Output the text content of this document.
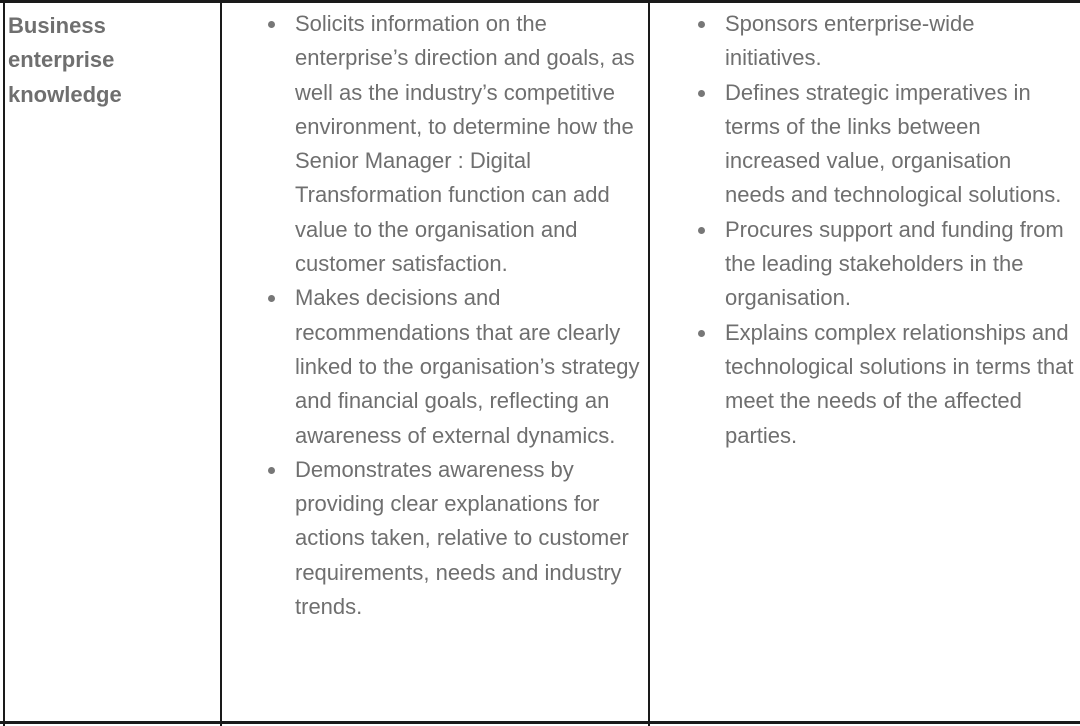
Business enterprise knowledge

Solicits information on the enterprise’s direction and goals, as well as the industry’s competitive environment, to determine how the Senior Manager : Digital Transformation function can add value to the organisation and customer satisfaction.
Makes decisions and recommendations that are clearly linked to the organisation’s strategy and financial goals, reflecting an awareness of external dynamics.
Demonstrates awareness by providing clear explanations for actions taken, relative to customer requirements, needs and industry trends.
Sponsors enterprise-wide initiatives.
Defines strategic imperatives in terms of the links between increased value, organisation needs and technological solutions.
Procures support and funding from the leading stakeholders in the organisation.
Explains complex relationships and technological solutions in terms that meet the needs of the affected parties.
